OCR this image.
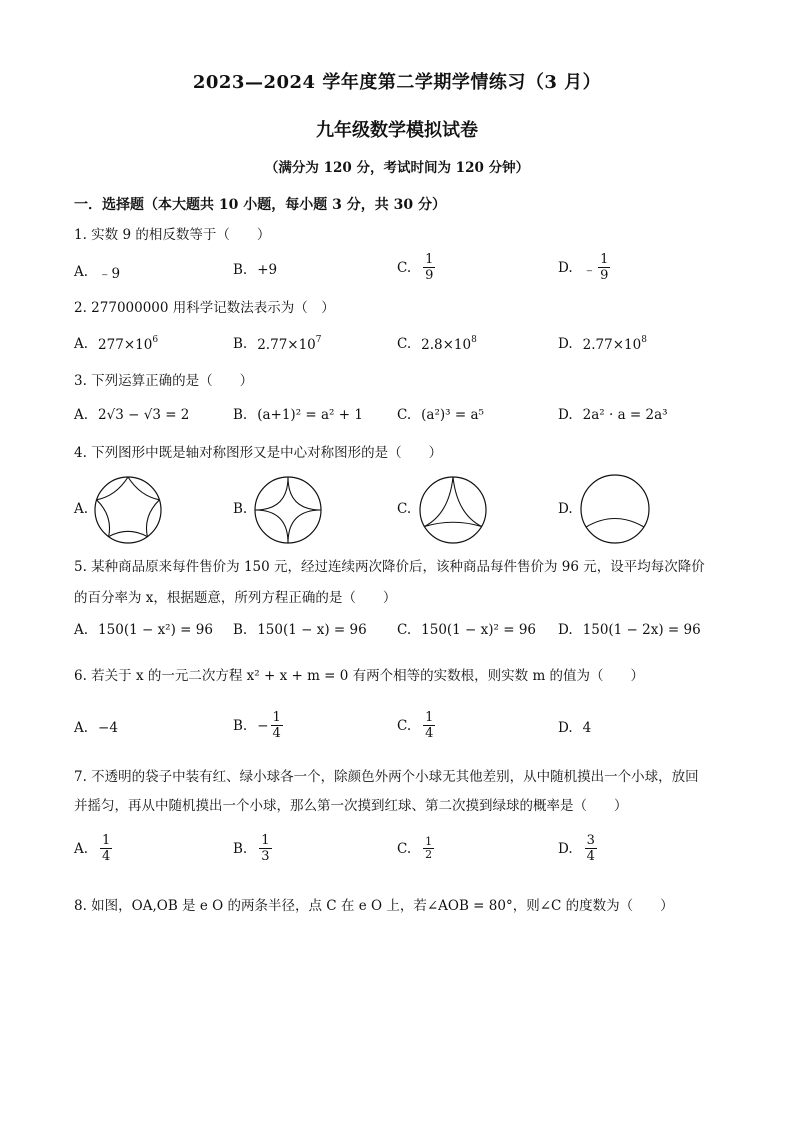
2023—2024 学年度第二学期学情练习（3 月）
九年级数学模拟试卷
（满分为 120 分，考试时间为 120 分钟）
一．选择题（本大题共 10 小题，每小题 3 分，共 30 分）
1. 实数 9 的相反数等于（　　）
A. ﹣9	B. +9	C. $\frac{1}{9}$	D. ﹣ $\frac{1}{9}$
2. 277000000 用科学记数法表示为（　）
A. $277\times 10^6$	B. $2.77\times 10^7$	C. $2.8\times 10^8$	D. $2.77\times 10^8$
3. 下列运算正确的是（　　）
A. 2√3 − √3 = 2	B. (a+1)² = a² + 1	C. (a²)³ = a⁵	D. 2a² · a = 2a³
4. 下列图形中既是轴对称图形又是中心对称图形的是（　　）
A.	B.	C.	D.
5. 某种商品原来每件售价为 150 元，经过连续两次降价后，该种商品每件售价为 96 元，设平均每次降价
的百分率为 x，根据题意，所列方程正确的是（　　）
A. 150(1 − x²) = 96 B. 150(1 − x) = 96 C. 150(1 − x)² = 96 D. 150(1 − 2x) = 96
6. 若关于 x 的一元二次方程 x² + x + m = 0 有两个相等的实数根，则实数 m 的值为（　　）
A. −4	B. − $\frac{1}{4}$	C. $\frac{1}{4}$	D. 4
7. 不透明的袋子中装有红、绿小球各一个，除颜色外两个小球无其他差别，从中随机摸出一个小球，放回
并摇匀，再从中随机摸出一个小球，那么第一次摸到红球、第二次摸到绿球的概率是（　　）
A. $\frac{1}{4}$	B. $\frac{1}{3}$	C. $\frac{1}{2}$	D. $\frac{3}{4}$
8. 如图，OA,OB 是 e O 的两条半径，点 C 在 e O 上，若∠AOB = 80°，则∠C 的度数为（　　）
